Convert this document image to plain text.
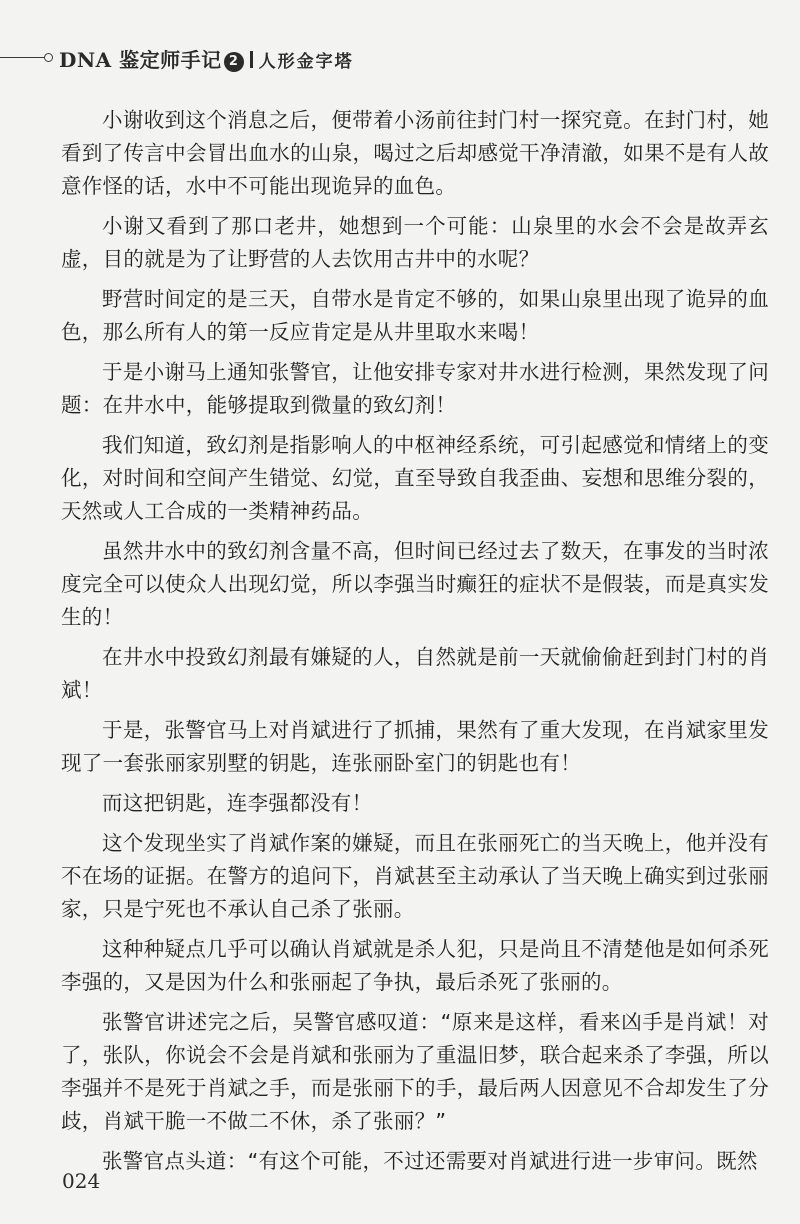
DNA 鉴定师手记 2 人形金字塔

小谢收到这个消息之后，便带着小汤前往封门村一探究竟。在封门村，她看到了传言中会冒出血水的山泉，喝过之后却感觉干净清澈，如果不是有人故意作怪的话，水中不可能出现诡异的血色。

小谢又看到了那口老井，她想到一个可能：山泉里的水会不会是故弄玄虚，目的就是为了让野营的人去饮用古井中的水呢？

野营时间定的是三天，自带水是肯定不够的，如果山泉里出现了诡异的血色，那么所有人的第一反应肯定是从井里取水来喝！

于是小谢马上通知张警官，让他安排专家对井水进行检测，果然发现了问题：在井水中，能够提取到微量的致幻剂！

我们知道，致幻剂是指影响人的中枢神经系统，可引起感觉和情绪上的变化，对时间和空间产生错觉、幻觉，直至导致自我歪曲、妄想和思维分裂的，天然或人工合成的一类精神药品。

虽然井水中的致幻剂含量不高，但时间已经过去了数天，在事发的当时浓度完全可以使众人出现幻觉，所以李强当时癫狂的症状不是假装，而是真实发生的！

在井水中投致幻剂最有嫌疑的人，自然就是前一天就偷偷赶到封门村的肖斌！

于是，张警官马上对肖斌进行了抓捕，果然有了重大发现，在肖斌家里发现了一套张丽家别墅的钥匙，连张丽卧室门的钥匙也有！

而这把钥匙，连李强都没有！

这个发现坐实了肖斌作案的嫌疑，而且在张丽死亡的当天晚上，他并没有不在场的证据。在警方的追问下，肖斌甚至主动承认了当天晚上确实到过张丽家，只是宁死也不承认自己杀了张丽。

这种种疑点几乎可以确认肖斌就是杀人犯，只是尚且不清楚他是如何杀死李强的，又是因为什么和张丽起了争执，最后杀死了张丽的。

张警官讲述完之后，吴警官感叹道：“原来是这样，看来凶手是肖斌！对了，张队，你说会不会是肖斌和张丽为了重温旧梦，联合起来杀了李强，所以李强并不是死于肖斌之手，而是张丽下的手，最后两人因意见不合却发生了分歧，肖斌干脆一不做二不休，杀了张丽？”

张警官点头道：“有这个可能，不过还需要对肖斌进行进一步审问。既然

024
